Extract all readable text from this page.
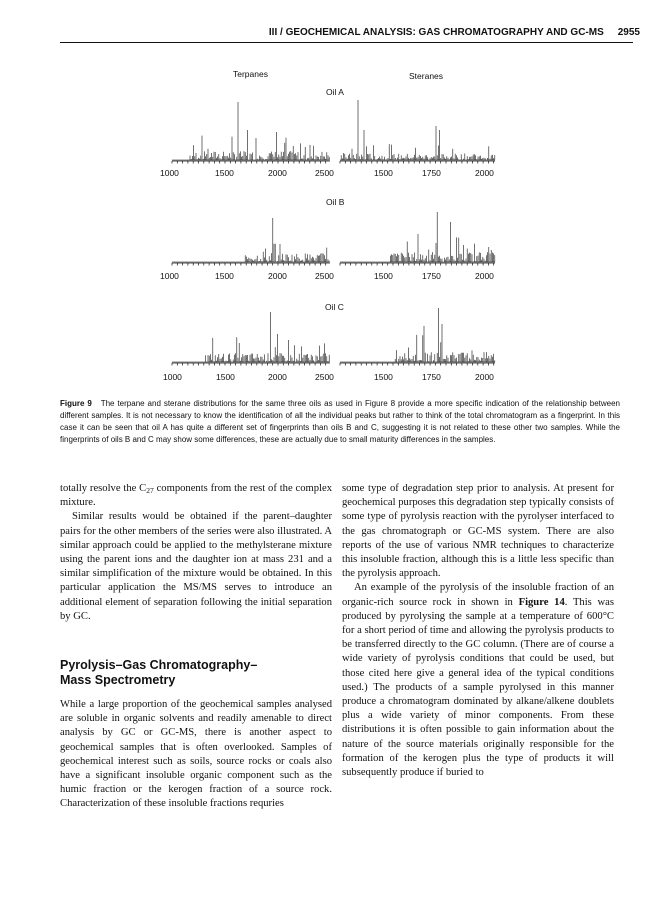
III / GEOCHEMICAL ANALYSIS: GAS CHROMATOGRAPHY AND GC-MS 2955
Terpanes	Steranes
Oil A
Oil B
Oil C
1000	1500	2000	2500	1500	1750	2000
1000	1500	2000	2500	1500	1750	2000
1000	1500	2000	2500	1500	1750	2000
Figure 9 The terpane and sterane distributions for the same three oils as used in Figure 8 provide a more specific indication of the relationship between different samples. It is not necessary to know the identification of all the individual peaks but rather to think of the total chromatogram as a fingerprint. In this case it can be seen that oil A has quite a different set of fingerprints than oils B and C, suggesting it is not related to these other two samples. While the fingerprints of oils B and C may show some differences, these are actually due to small maturity differences in the samples.

totally resolve the $C_{27}$ components from the rest of the complex mixture.

Similar results would be obtained if the parent–daughter pairs for the other members of the series were also illustrated. A similar approach could be applied to the methylsterane mixture using the parent ions and the daughter ion at mass 231 and a similar simplification of the mixture would be obtained. In this particular application the MS/MS serves to introduce an additional element of separation following the initial separation by GC.

Pyrolysis–Gas Chromatography–
Mass Spectrometry

While a large proportion of the geochemical samples analysed are soluble in organic solvents and readily amenable to direct analysis by GC or GC-MS, there is another aspect to geochemical samples that is often overlooked. Samples of geochemical interest such as soils, source rocks or coals also have a significant insoluble organic component such as the humic fraction or the kerogen fraction of a source rock. Characterization of these insoluble fractions requries

some type of degradation step prior to analysis. At present for geochemical purposes this degradation step typically consists of some type of pyrolysis reaction with the pyrolyser interfaced to the gas chromatograph or GC-MS system. There are also reports of the use of various NMR techniques to characterize this insoluble fraction, although this is a little less specific than the pyrolysis approach.

An example of the pyrolysis of the insoluble fraction of an organic-rich source rock in shown in Figure 14. This was produced by pyrolysing the sample at a temperature of 600°C for a short period of time and allowing the pyrolysis products to be transferred directly to the GC column. (There are of course a wide variety of pyrolysis conditions that could be used, but those cited here give a general idea of the typical conditions used.) The products of a sample pyrolysed in this manner produce a chromatogram dominated by alkane/alkene doublets plus a wide variety of minor components. From these distributions it is often possible to gain information about the nature of the source materials originally responsible for the formation of the kerogen plus the type of products it will subsequently produce if buried to
